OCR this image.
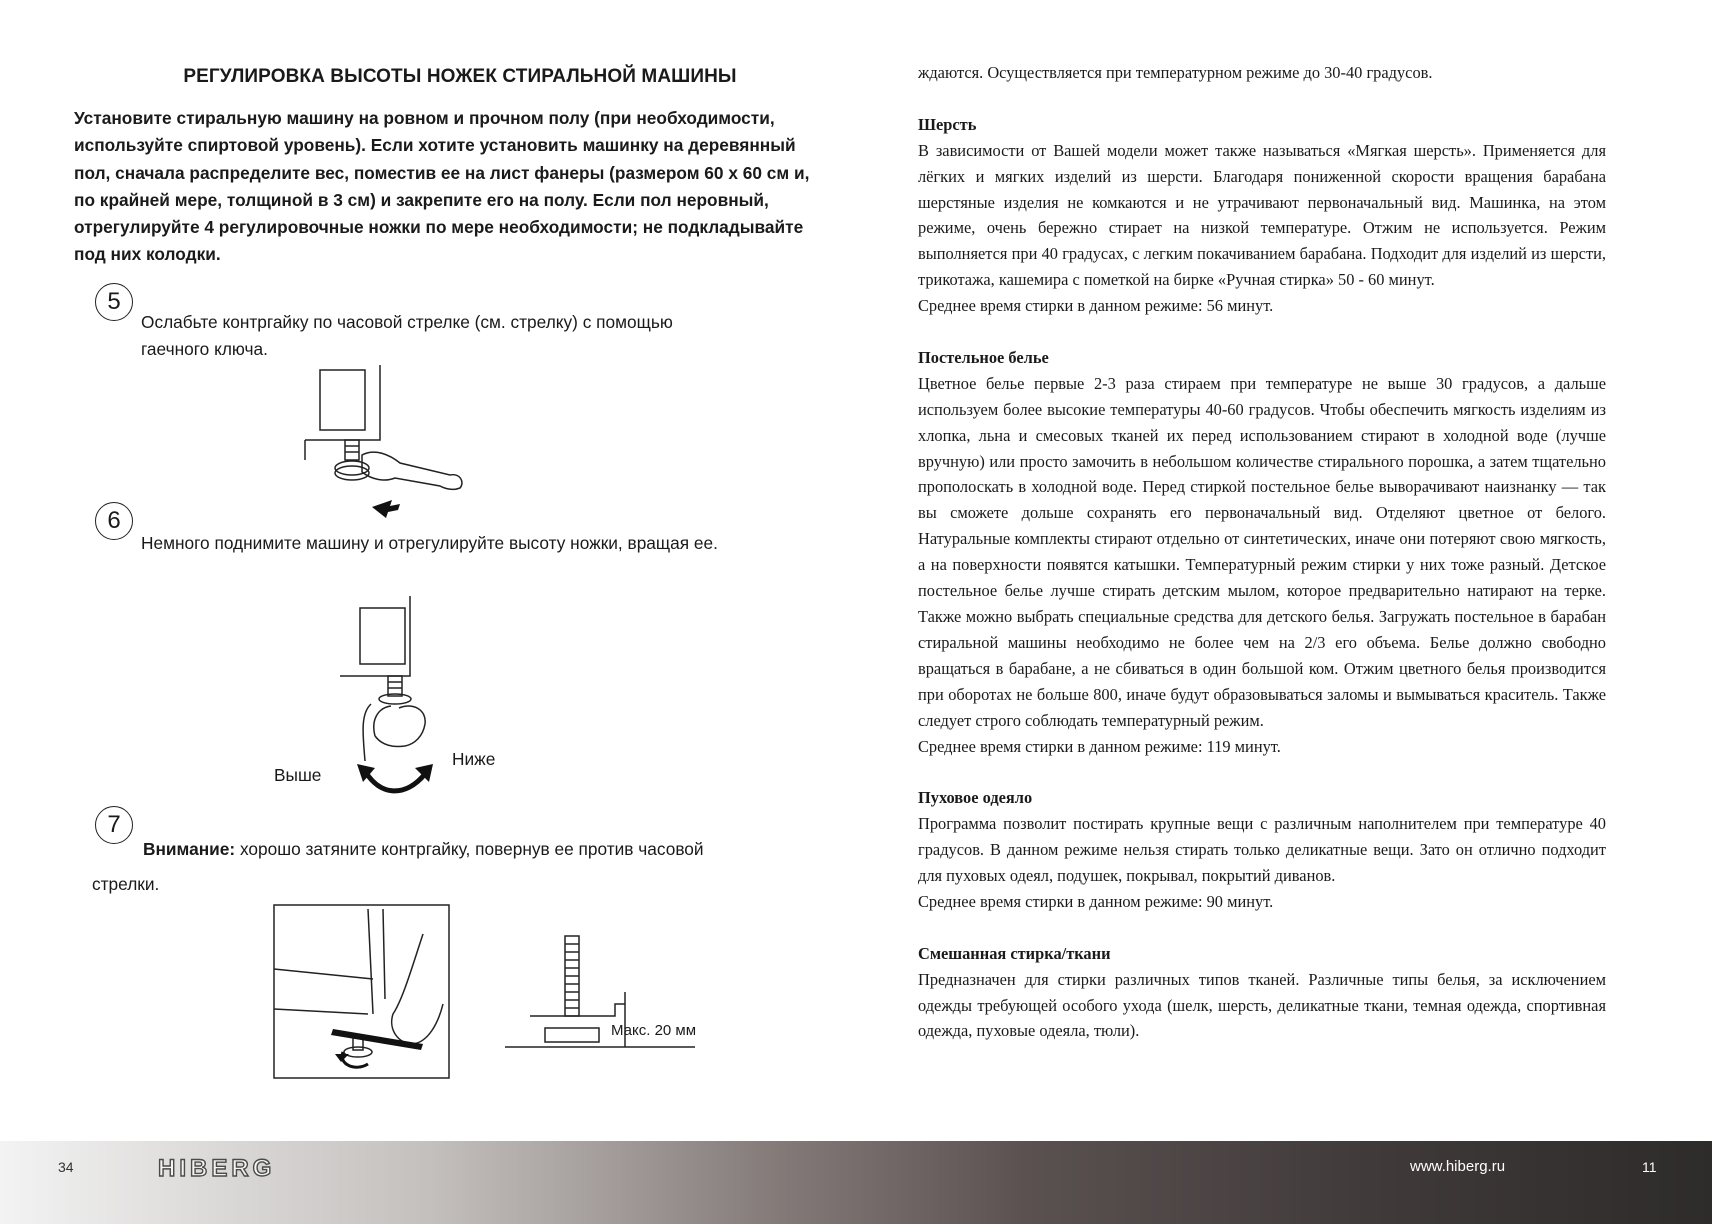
РЕГУЛИРОВКА ВЫСОТЫ НОЖЕК СТИРАЛЬНОЙ МАШИНЫ

Установите стиральную машину на ровном и прочном полу (при необходимости, используйте спиртовой уровень). Если хотите установить машинку на деревянный пол, сначала распределите вес, поместив ее на лист фанеры (размером 60 х 60 см и, по крайней мере, толщиной в 3 см) и закрепите его на полу. Если пол неровный, отрегулируйте 4 регулировочные ножки по мере необходимости; не подкладывайте под них колодки.

5

Ослабьте контргайку по часовой стрелке (см. стрелку) с помощью

гаечного ключа.

6

Немного поднимите машину и отрегулируйте высоту ножки, вращая ее.

Выше
Ниже
7

Внимание: хорошо затяните контргайку, повернув ее против часовой

стрелки.

Макс. 20 мм

ждаются. Осуществляется при температурном режиме до 30-40 градусов.

Шерсть

В зависимости от Вашей модели может также называться «Мягкая шерсть». Применяется для лёгких и мягких изделий из шерсти. Благодаря пониженной скорости вращения барабана шерстяные изделия не комкаются и не утрачивают первоначальный вид. Машинка, на этом режиме, очень бережно стирает на низкой температуре. Отжим не используется. Режим выполняется при 40 градусах, с легким покачиванием барабана. Подходит для изделий из шерсти, трикотажа, кашемира с пометкой на бирке «Ручная стирка» 50 - 60 минут.

Среднее время стирки в данном режиме: 56 минут.

Постельное белье

Цветное белье первые 2-3 раза стираем при температуре не выше 30 градусов, а дальше используем более высокие температуры 40-60 градусов. Чтобы обеспечить мягкость изделиям из хлопка, льна и смесовых тканей их перед использованием стирают в холодной воде (лучше вручную) или просто замочить в небольшом количестве стирального порошка, а затем тщательно прополоскать в холодной воде. Перед стиркой постельное белье выворачивают наизнанку — так вы сможете дольше сохранять его первоначальный вид. Отделяют цветное от белого. Натуральные комплекты стирают отдельно от синтетических, иначе они потеряют свою мягкость, а на поверхности появятся катышки. Температурный режим стирки у них тоже разный. Детское постельное белье лучше стирать детским мылом, которое предварительно натирают на терке. Также можно выбрать специальные средства для детского белья. Загружать постельное в барабан стиральной машины необходимо не более чем на 2/3 его объема. Белье должно свободно вращаться в барабане, а не сбиваться в один большой ком. Отжим цветного белья производится при оборотах не больше 800, иначе будут образовываться заломы и вымываться краситель. Также следует строго соблюдать температурный режим.

Среднее время стирки в данном режиме: 119 минут.

Пуховое одеяло

Программа позволит постирать крупные вещи с различным наполнителем при температуре 40 градусов. В данном режиме нельзя стирать только деликатные вещи. Зато он отлично подходит для пуховых одеял, подушек, покрывал, покрытий диванов.

Среднее время стирки в данном режиме: 90 минут.

Смешанная стирка/ткани

Предназначен для стирки различных типов тканей. Различные типы белья, за исключением одежды требующей особого ухода (шелк, шерсть, деликатные ткани, темная одежда, спортивная одежда, пуховые одеяла, тюли).

34	HIBERG	www.hiberg.ru	11
